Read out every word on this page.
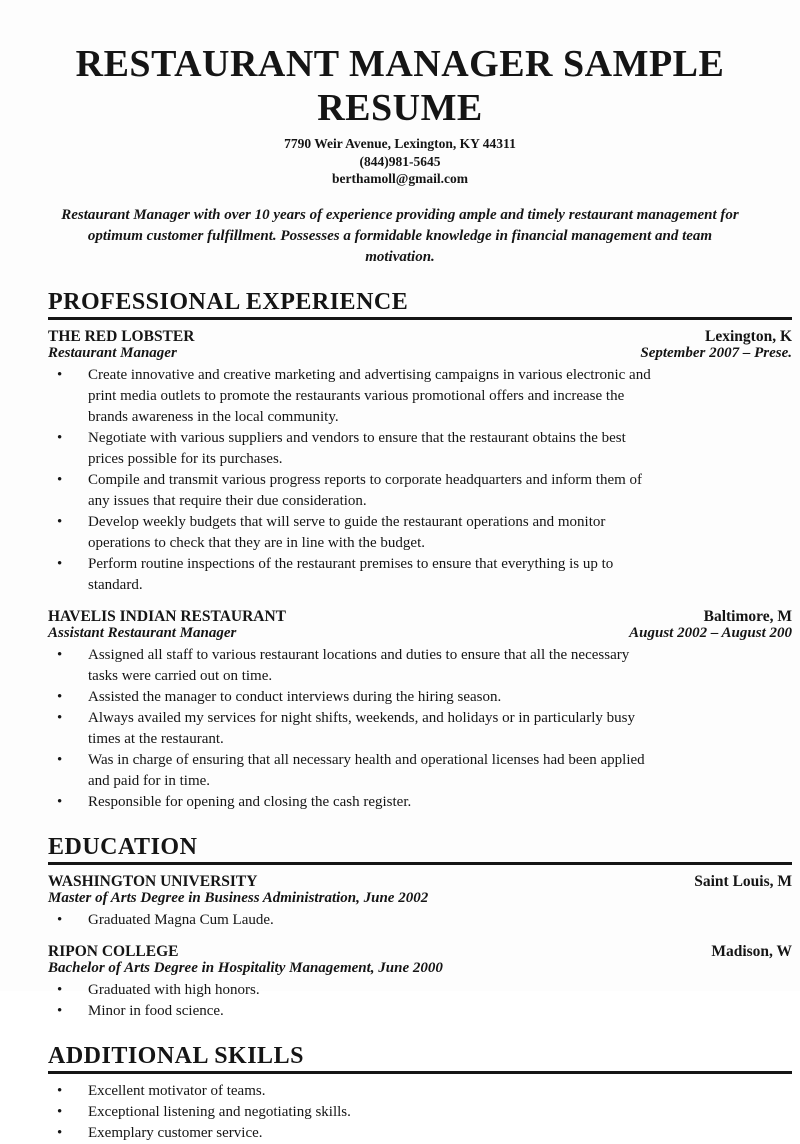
RESTAURANT MANAGER SAMPLE
RESUME
7790 Weir Avenue, Lexington, KY 44311
(844)981-5645
berthamoll@gmail.com
Restaurant Manager with over 10 years of experience providing ample and timely restaurant management for optimum customer fulfillment. Possesses a formidable knowledge in financial management and team motivation.
PROFESSIONAL EXPERIENCE
THE RED LOBSTER	Lexington, K
Restaurant Manager	September 2007 – Prese.
• Create innovative and creative marketing and advertising campaigns in various electronic and print media outlets to promote the restaurants various promotional offers and increase the brands awareness in the local community.
• Negotiate with various suppliers and vendors to ensure that the restaurant obtains the best prices possible for its purchases.
• Compile and transmit various progress reports to corporate headquarters and inform them of any issues that require their due consideration.
• Develop weekly budgets that will serve to guide the restaurant operations and monitor operations to check that they are in line with the budget.
• Perform routine inspections of the restaurant premises to ensure that everything is up to standard.
HAVELIS INDIAN RESTAURANT	Baltimore, M
Assistant Restaurant Manager	August 2002 – August 200
• Assigned all staff to various restaurant locations and duties to ensure that all the necessary tasks were carried out on time.
• Assisted the manager to conduct interviews during the hiring season.
• Always availed my services for night shifts, weekends, and holidays or in particularly busy times at the restaurant.
• Was in charge of ensuring that all necessary health and operational licenses had been applied and paid for in time.
• Responsible for opening and closing the cash register.
EDUCATION
WASHINGTON UNIVERSITY	Saint Louis, M
Master of Arts Degree in Business Administration, June 2002
• Graduated Magna Cum Laude.
RIPON COLLEGE	Madison, W
Bachelor of Arts Degree in Hospitality Management, June 2000
• Graduated with high honors.
• Minor in food science.
ADDITIONAL SKILLS
• Excellent motivator of teams.
• Exceptional listening and negotiating skills.
• Exemplary customer service.
